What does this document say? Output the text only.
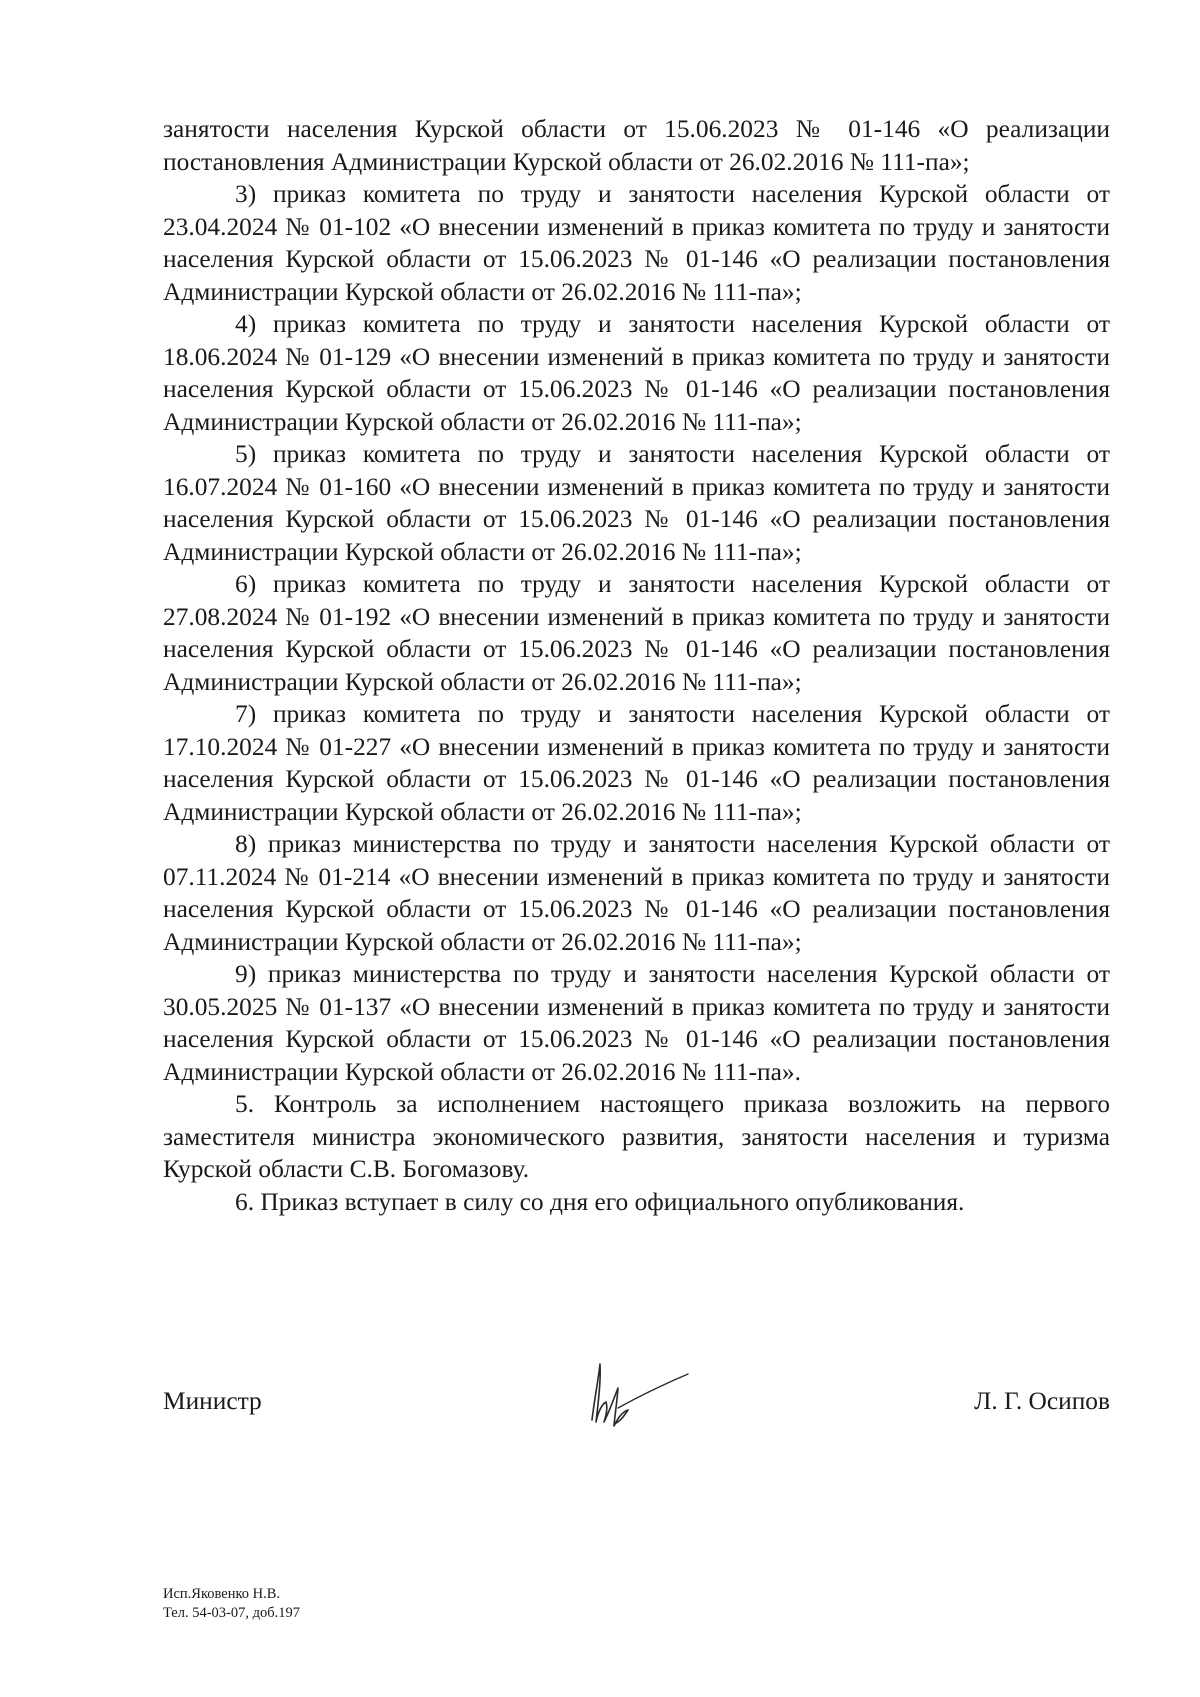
занятости населения Курской области от 15.06.2023 № 01-146 «О реализации постановления Администрации Курской области от 26.02.2016 № 111-па»;

3) приказ комитета по труду и занятости населения Курской области от 23.04.2024 № 01-102 «О внесении изменений в приказ комитета по труду и занятости населения Курской области от 15.06.2023 № 01-146 «О реализации постановления Администрации Курской области от 26.02.2016 № 111-па»;

4) приказ комитета по труду и занятости населения Курской области от 18.06.2024 № 01-129 «О внесении изменений в приказ комитета по труду и занятости населения Курской области от 15.06.2023 № 01-146 «О реализации постановления Администрации Курской области от 26.02.2016 № 111-па»;

5) приказ комитета по труду и занятости населения Курской области от 16.07.2024 № 01-160 «О внесении изменений в приказ комитета по труду и занятости населения Курской области от 15.06.2023 № 01-146 «О реализации постановления Администрации Курской области от 26.02.2016 № 111-па»;

6) приказ комитета по труду и занятости населения Курской области от 27.08.2024 № 01-192 «О внесении изменений в приказ комитета по труду и занятости населения Курской области от 15.06.2023 № 01-146 «О реализации постановления Администрации Курской области от 26.02.2016 № 111-па»;

7) приказ комитета по труду и занятости населения Курской области от 17.10.2024 № 01-227 «О внесении изменений в приказ комитета по труду и занятости населения Курской области от 15.06.2023 № 01-146 «О реализации постановления Администрации Курской области от 26.02.2016 № 111-па»;

8) приказ министерства по труду и занятости населения Курской области от 07.11.2024 № 01-214 «О внесении изменений в приказ комитета по труду и занятости населения Курской области от 15.06.2023 № 01-146 «О реализации постановления Администрации Курской области от 26.02.2016 № 111-па»;

9) приказ министерства по труду и занятости населения Курской области от 30.05.2025 № 01-137 «О внесении изменений в приказ комитета по труду и занятости населения Курской области от 15.06.2023 № 01-146 «О реализации постановления Администрации Курской области от 26.02.2016 № 111-па».

5. Контроль за исполнением настоящего приказа возложить на первого заместителя министра экономического развития, занятости населения и туризма Курской области С.В. Богомазову.

6. Приказ вступает в силу со дня его официального опубликования.

Министр	Л. Г. Осипов
Исп.Яковенко Н.В.
Тел. 54-03-07, доб.197
